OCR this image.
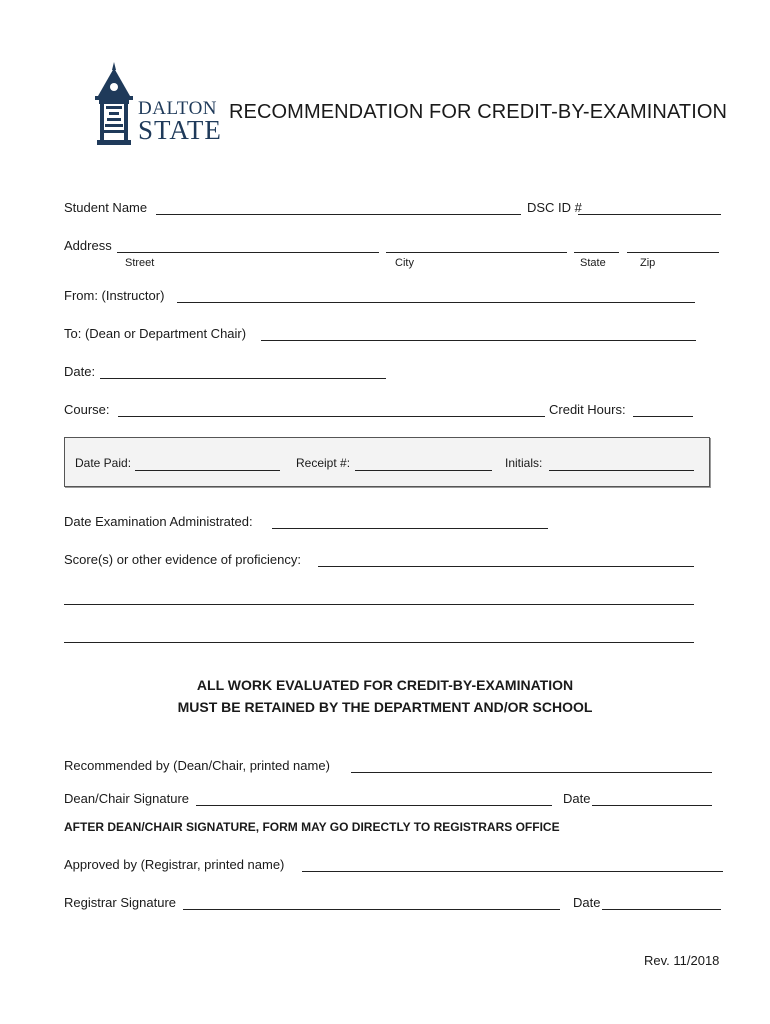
DALTON
STATE
RECOMMENDATION FOR CREDIT-BY-EXAMINATION
Student Name	DSC ID #
Address
Street	City	State	Zip
From: (Instructor)
To: (Dean or Department Chair)
Date:
Course:	Credit Hours:
Date Paid:	Receipt #:	Initials:
Date Examination Administrated:
Score(s) or other evidence of proficiency:
ALL WORK EVALUATED FOR CREDIT-BY-EXAMINATION
MUST BE RETAINED BY THE DEPARTMENT AND/OR SCHOOL
Recommended by (Dean/Chair, printed name)
Dean/Chair Signature	Date
AFTER DEAN/CHAIR SIGNATURE, FORM MAY GO DIRECTLY TO REGISTRARS OFFICE
Approved by (Registrar, printed name)
Registrar Signature	Date
Rev. 11/2018
